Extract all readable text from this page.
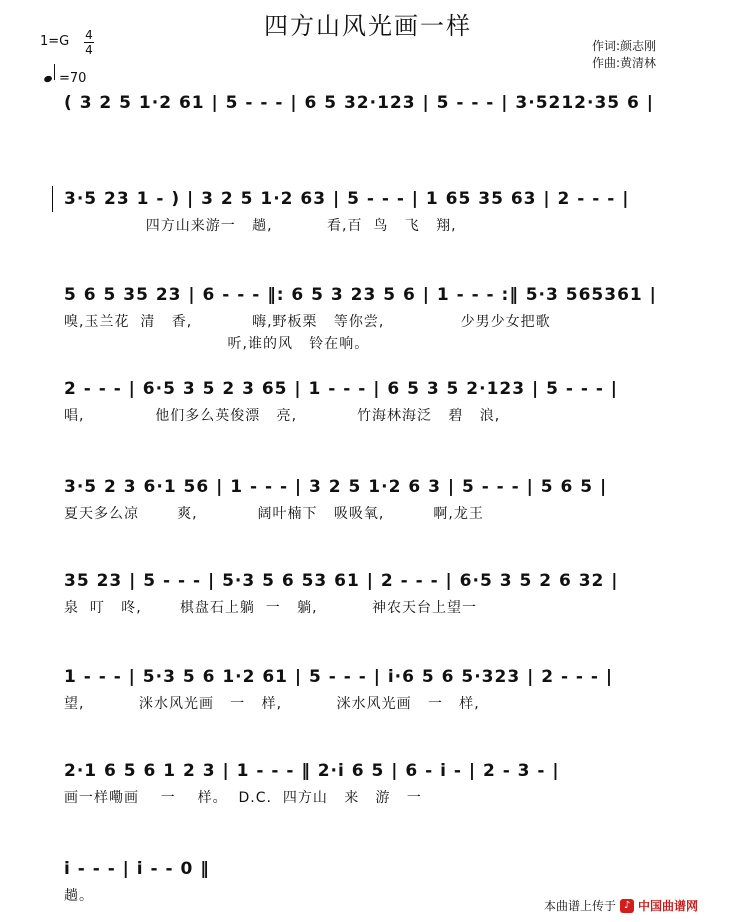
四方山风光画一样
1=G 4
4
=70
作词:颜志刚
作曲:黄清林
( 3 2 5 1·2 61 | 5 - - - | 6 5 32·123 | 5 - - - | 3·5212·35 6 |
3·5 23 1 - ) | 3 2 5 1·2 63 | 5 - - - | 1 65 35 63 | 2 - - - |
四方山来游一   趟,          看,百  鸟   飞   翔,
5 6 5 35 23 | 6 - - - ‖: 6 5 3 23 5 6 | 1 - - - :‖ 5·3 565361 |
嗅,玉兰花  清   香,           嗨,野板栗   等你尝,              少男少女把歌
听,谁的风   铃在响。
2 - - - | 6·5 3 5 2 3 65 | 1 - - - | 6 5 3 5 2·123 | 5 - - - |
唱,             他们多么英俊漂   亮,           竹海林海泛   碧   浪,
3·5 2 3 6·1 56 | 1 - - - | 3 2 5 1·2 6 3 | 5 - - - | 5 6 5 |
夏天多么凉       爽,           阔叶楠下   吸吸氧,         啊,龙王
35 23 | 5 - - - | 5·3 5 6 53 61 | 2 - - - | 6·5 3 5 2 6 32 |
泉  叮   咚,       棋盘石上躺  一   躺,          神农天台上望一
1 - - - | 5·3 5 6 1·2 61 | 5 - - - | i·6 5 6 5·323 | 2 - - - |
望,          洣水风光画   一   样,          洣水风光画   一   样,
2·1 6 5 6 1 2 3 | 1 - - - ‖ 2·i 6 5 | 6 - i - | 2 - 3 - |
画一样嘞画    一    样。  D.C.  四方山   来   游   一
i - - - | i - - 0 ‖
趟。
本曲谱上传于 ♪ 中国曲谱网
